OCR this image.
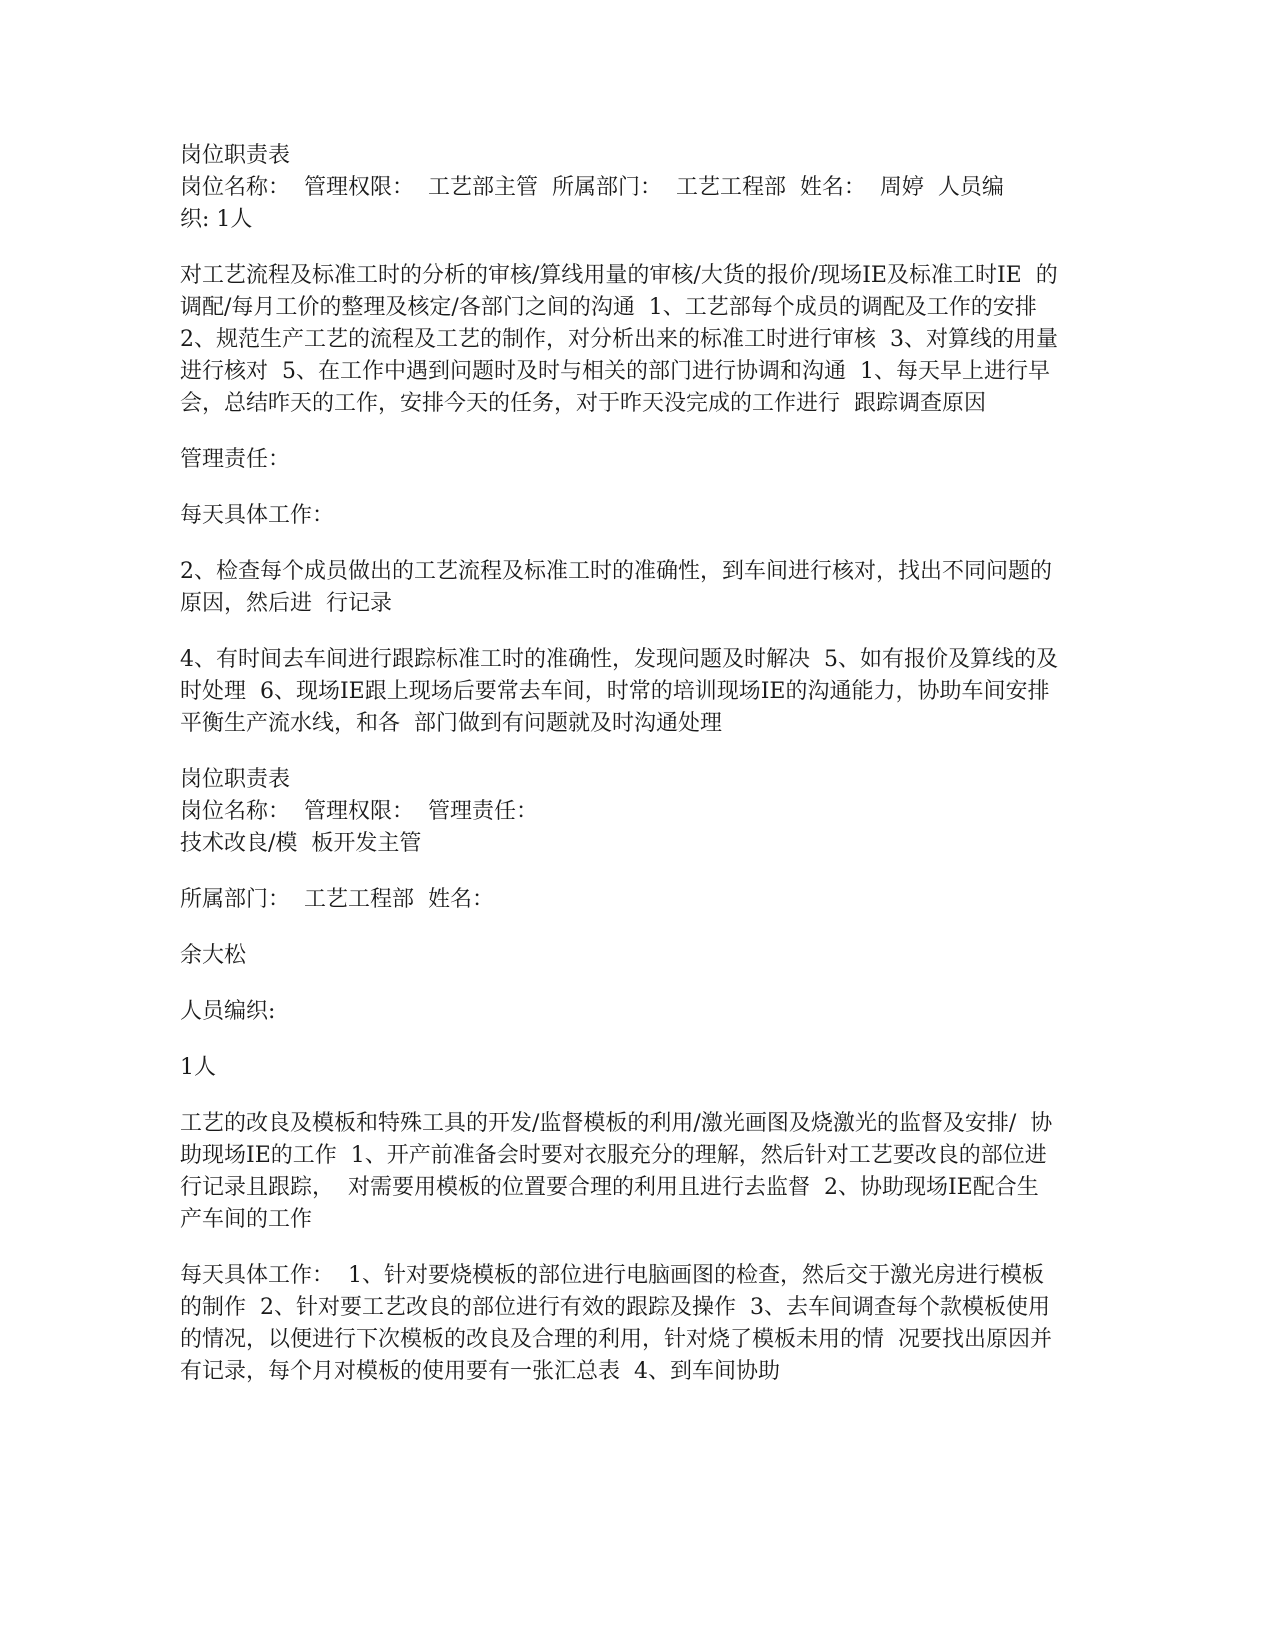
岗位职责表
岗位名称：  管理权限：  工艺部主管  所属部门：  工艺工程部  姓名：  周婷  人员编
织: 1人

对工艺流程及标准工时的分析的审核/算线用量的审核/大货的报价/现场IE及标准工时IE  的调配/每月工价的整理及核定/各部门之间的沟通  1、工艺部每个成员的调配及工作的安排  2、规范生产工艺的流程及工艺的制作，对分析出来的标准工时进行审核  3、对算线的用量进行核对  5、在工作中遇到问题时及时与相关的部门进行协调和沟通  1、每天早上进行早会，总结昨天的工作，安排今天的任务，对于昨天没完成的工作进行  跟踪调查原因

管理责任：

每天具体工作：

2、检查每个成员做出的工艺流程及标准工时的准确性，到车间进行核对，找出不同问题的原因，然后进  行记录

4、有时间去车间进行跟踪标准工时的准确性，发现问题及时解决  5、如有报价及算线的及时处理  6、现场IE跟上现场后要常去车间，时常的培训现场IE的沟通能力，协助车间安排平衡生产流水线，和各  部门做到有问题就及时沟通处理

岗位职责表
岗位名称：  管理权限：  管理责任：
技术改良/模  板开发主管

所属部门：  工艺工程部  姓名：

余大松

人员编织:

1人

工艺的改良及模板和特殊工具的开发/监督模板的利用/激光画图及烧激光的监督及安排/  协助现场IE的工作  1、开产前准备会时要对衣服充分的理解，然后针对工艺要改良的部位进行记录且跟踪，  对需要用模板的位置要合理的利用且进行去监督  2、协助现场IE配合生产车间的工作

每天具体工作：  1、针对要烧模板的部位进行电脑画图的检查，然后交于激光房进行模板的制作  2、针对要工艺改良的部位进行有效的跟踪及操作  3、去车间调查每个款模板使用的情况，以便进行下次模板的改良及合理的利用，针对烧了模板未用的情  况要找出原因并有记录，每个月对模板的使用要有一张汇总表  4、到车间协助
